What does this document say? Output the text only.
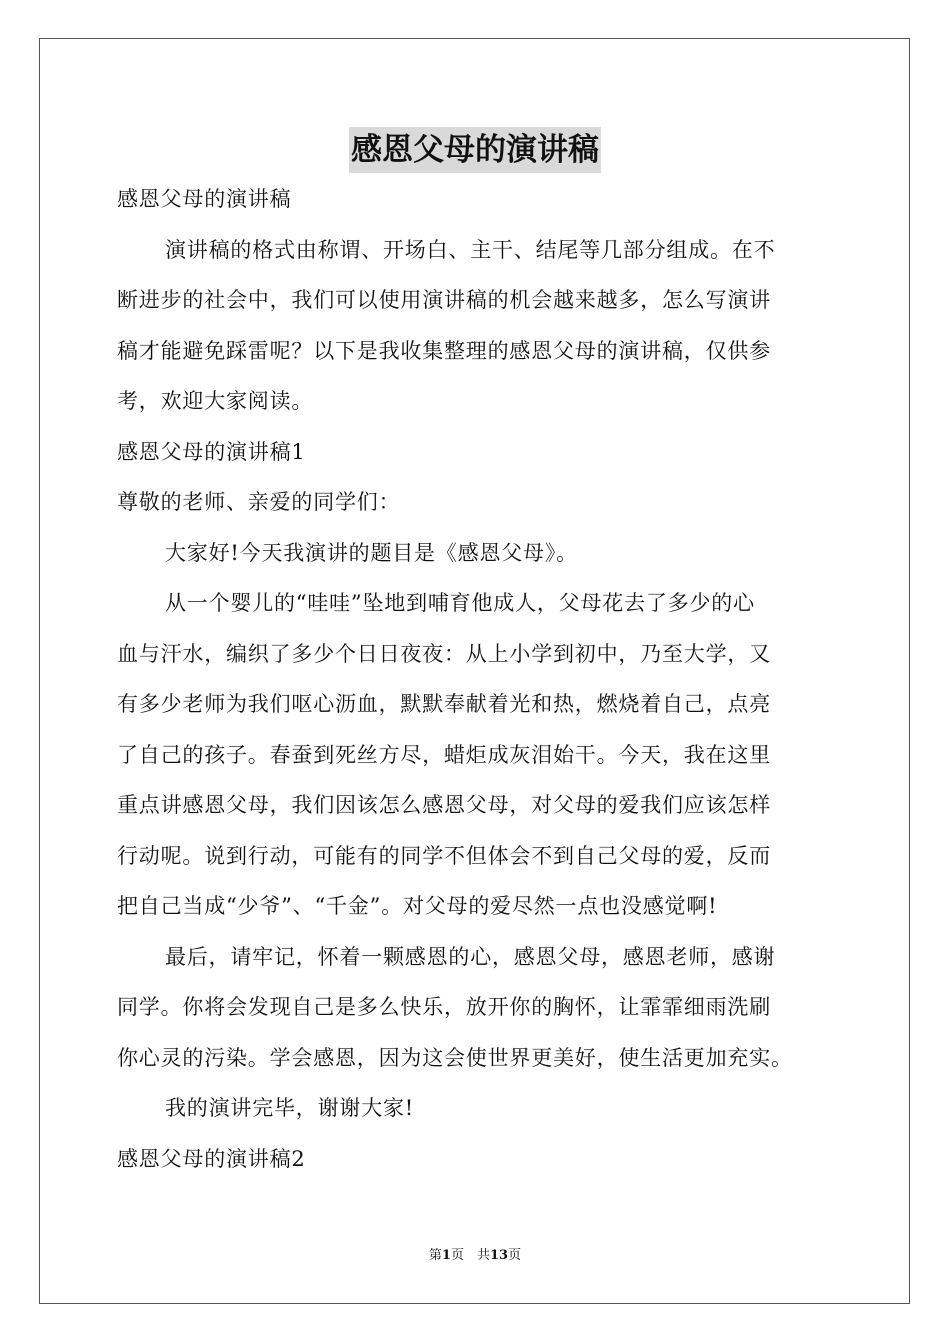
感恩父母的演讲稿

感恩父母的演讲稿

演讲稿的格式由称谓、开场白、主干、结尾等几部分组成。在不

断进步的社会中，我们可以使用演讲稿的机会越来越多，怎么写演讲

稿才能避免踩雷呢？以下是我收集整理的感恩父母的演讲稿，仅供参

考，欢迎大家阅读。

感恩父母的演讲稿1

尊敬的老师、亲爱的同学们：

大家好!今天我演讲的题目是《感恩父母》。

从一个婴儿的“哇哇”坠地到哺育他成人，父母花去了多少的心

血与汗水，编织了多少个日日夜夜：从上小学到初中，乃至大学，又

有多少老师为我们呕心沥血，默默奉献着光和热，燃烧着自己，点亮

了自己的孩子。春蚕到死丝方尽，蜡炬成灰泪始干。今天，我在这里

重点讲感恩父母，我们因该怎么感恩父母，对父母的爱我们应该怎样

行动呢。说到行动，可能有的同学不但体会不到自己父母的爱，反而

把自己当成“少爷”、“千金”。对父母的爱尽然一点也没感觉啊!

最后，请牢记，怀着一颗感恩的心，感恩父母，感恩老师，感谢

同学。你将会发现自己是多么快乐，放开你的胸怀，让霏霏细雨洗刷

你心灵的污染。学会感恩，因为这会使世界更美好，使生活更加充实。

我的演讲完毕，谢谢大家!

感恩父母的演讲稿2

第1页　共13页
